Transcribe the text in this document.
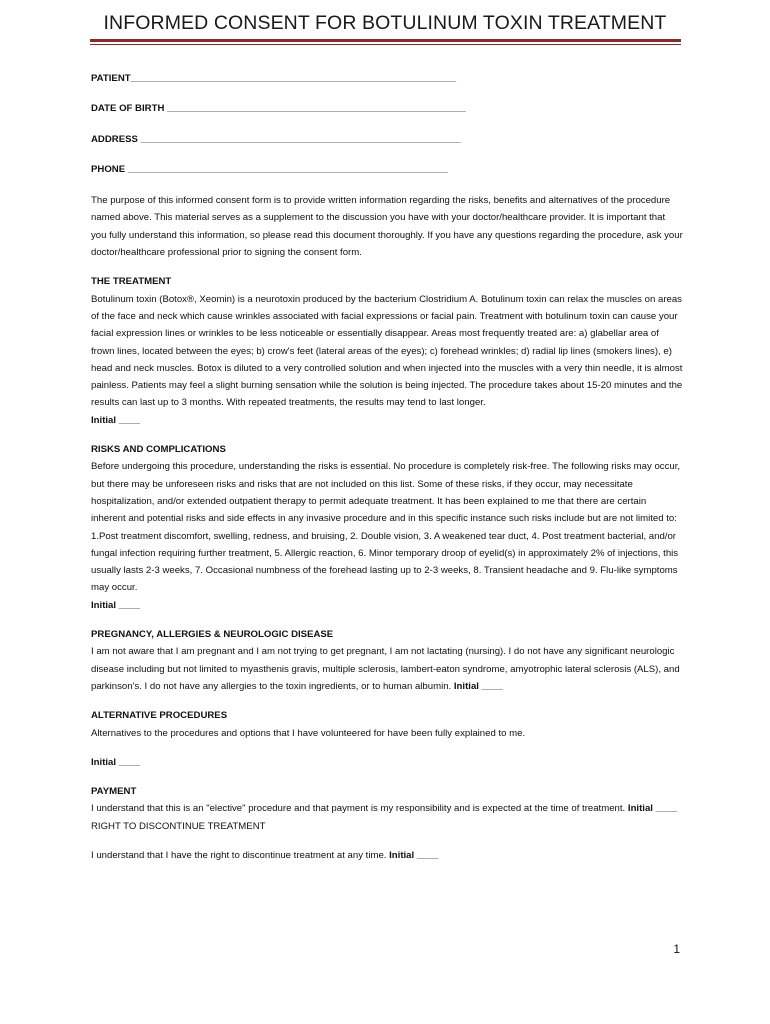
INFORMED CONSENT FOR BOTULINUM TOXIN TREATMENT
PATIENT_____________________________________________________________
DATE OF BIRTH ________________________________________________________
ADDRESS ____________________________________________________________
PHONE ____________________________________________________________
The purpose of this informed consent form is to provide written information regarding the risks, benefits and alternatives of the procedure named above. This material serves as a supplement to the discussion you have with your doctor/healthcare provider. It is important that you fully understand this information, so please read this document thoroughly. If you have any questions regarding the procedure, ask your doctor/healthcare professional prior to signing the consent form.
THE TREATMENT
Botulinum toxin (Botox®, Xeomin) is a neurotoxin produced by the bacterium Clostridium A. Botulinum toxin can relax the muscles on areas of the face and neck which cause wrinkles associated with facial expressions or facial pain. Treatment with botulinum toxin can cause your facial expression lines or wrinkles to be less noticeable or essentially disappear. Areas most frequently treated are: a) glabellar area of frown lines, located between the eyes; b) crow's feet (lateral areas of the eyes); c) forehead wrinkles; d) radial lip lines (smokers lines), e) head and neck muscles. Botox is diluted to a very controlled solution and when injected into the muscles with a very thin needle, it is almost painless. Patients may feel a slight burning sensation while the solution is being injected. The procedure takes about 15-20 minutes and the results can last up to 3 months. With repeated treatments, the results may tend to last longer.
Initial ____
RISKS AND COMPLICATIONS
Before undergoing this procedure, understanding the risks is essential. No procedure is completely risk-free. The following risks may occur, but there may be unforeseen risks and risks that are not included on this list. Some of these risks, if they occur, may necessitate hospitalization, and/or extended outpatient therapy to permit adequate treatment. It has been explained to me that there are certain inherent and potential risks and side effects in any invasive procedure and in this specific instance such risks include but are not limited to: 1.Post treatment discomfort, swelling, redness, and bruising, 2. Double vision, 3. A weakened tear duct, 4. Post treatment bacterial, and/or fungal infection requiring further treatment, 5. Allergic reaction, 6. Minor temporary droop of eyelid(s) in approximately 2% of injections, this usually lasts 2-3 weeks, 7. Occasional numbness of the forehead lasting up to 2-3 weeks, 8. Transient headache and 9. Flu-like symptoms may occur.
Initial ____
PREGNANCY, ALLERGIES & NEUROLOGIC DISEASE
I am not aware that I am pregnant and I am not trying to get pregnant, I am not lactating (nursing). I do not have any significant neurologic disease including but not limited to myasthenis gravis, multiple sclerosis, lambert-eaton syndrome, amyotrophic lateral sclerosis (ALS), and parkinson's. I do not have any allergies to the toxin ingredients, or to human albumin. Initial ____
ALTERNATIVE PROCEDURES
Alternatives to the procedures and options that I have volunteered for have been fully explained to me.
Initial ____
PAYMENT
I understand that this is an "elective" procedure and that payment is my responsibility and is expected at the time of treatment. Initial ____ RIGHT TO DISCONTINUE TREATMENT
I understand that I have the right to discontinue treatment at any time. Initial ____
1
